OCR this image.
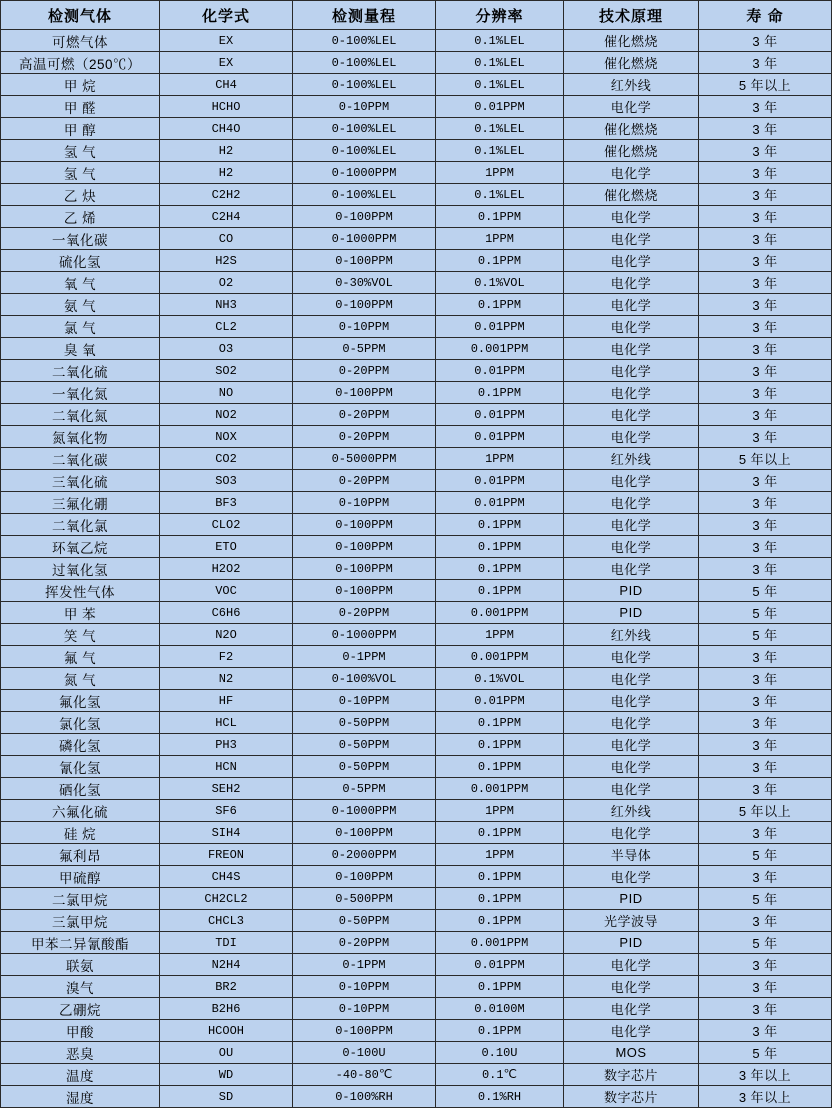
检测气体	化学式	检测量程	分辨率	技术原理	寿 命
可燃气体	EX	0-100%LEL	0.1%LEL	催化燃烧	3 年
高温可燃（250℃）	EX	0-100%LEL	0.1%LEL	催化燃烧	3 年
甲 烷	CH4	0-100%LEL	0.1%LEL	红外线	5 年以上
甲 醛	HCHO	0-10PPM	0.01PPM	电化学	3 年
甲 醇	CH4O	0-100%LEL	0.1%LEL	催化燃烧	3 年
氢 气	H2	0-100%LEL	0.1%LEL	催化燃烧	3 年
氢 气	H2	0-1000PPM	1PPM	电化学	3 年
乙 炔	C2H2	0-100%LEL	0.1%LEL	催化燃烧	3 年
乙 烯	C2H4	0-100PPM	0.1PPM	电化学	3 年
一氧化碳	CO	0-1000PPM	1PPM	电化学	3 年
硫化氢	H2S	0-100PPM	0.1PPM	电化学	3 年
氧 气	O2	0-30%VOL	0.1%VOL	电化学	3 年
氨 气	NH3	0-100PPM	0.1PPM	电化学	3 年
氯 气	CL2	0-10PPM	0.01PPM	电化学	3 年
臭 氧	O3	0-5PPM	0.001PPM	电化学	3 年
二氧化硫	SO2	0-20PPM	0.01PPM	电化学	3 年
一氧化氮	NO	0-100PPM	0.1PPM	电化学	3 年
二氧化氮	NO2	0-20PPM	0.01PPM	电化学	3 年
氮氧化物	NOX	0-20PPM	0.01PPM	电化学	3 年
二氧化碳	CO2	0-5000PPM	1PPM	红外线	5 年以上
三氧化硫	SO3	0-20PPM	0.01PPM	电化学	3 年
三氟化硼	BF3	0-10PPM	0.01PPM	电化学	3 年
二氧化氯	CLO2	0-100PPM	0.1PPM	电化学	3 年
环氧乙烷	ETO	0-100PPM	0.1PPM	电化学	3 年
过氧化氢	H2O2	0-100PPM	0.1PPM	电化学	3 年
挥发性气体	VOC	0-100PPM	0.1PPM	PID	5 年
甲 苯	C6H6	0-20PPM	0.001PPM	PID	5 年
笑 气	N2O	0-1000PPM	1PPM	红外线	5 年
氟 气	F2	0-1PPM	0.001PPM	电化学	3 年
氮 气	N2	0-100%VOL	0.1%VOL	电化学	3 年
氟化氢	HF	0-10PPM	0.01PPM	电化学	3 年
氯化氢	HCL	0-50PPM	0.1PPM	电化学	3 年
磷化氢	PH3	0-50PPM	0.1PPM	电化学	3 年
氰化氢	HCN	0-50PPM	0.1PPM	电化学	3 年
硒化氢	SEH2	0-5PPM	0.001PPM	电化学	3 年
六氟化硫	SF6	0-1000PPM	1PPM	红外线	5 年以上
硅 烷	SIH4	0-100PPM	0.1PPM	电化学	3 年
氟利昂	FREON	0-2000PPM	1PPM	半导体	5 年
甲硫醇	CH4S	0-100PPM	0.1PPM	电化学	3 年
二氯甲烷	CH2CL2	0-500PPM	0.1PPM	PID	5 年
三氯甲烷	CHCL3	0-50PPM	0.1PPM	光学波导	3 年
甲苯二异氰酸酯	TDI	0-20PPM	0.001PPM	PID	5 年
联氨	N2H4	0-1PPM	0.01PPM	电化学	3 年
溴气	BR2	0-10PPM	0.1PPM	电化学	3 年
乙硼烷	B2H6	0-10PPM	0.0100M	电化学	3 年
甲酸	HCOOH	0-100PPM	0.1PPM	电化学	3 年
恶臭	OU	0-100U	0.10U	MOS	5 年
温度	WD	-40-80℃	0.1℃	数字芯片	3 年以上
湿度	SD	0-100%RH	0.1%RH	数字芯片	3 年以上
